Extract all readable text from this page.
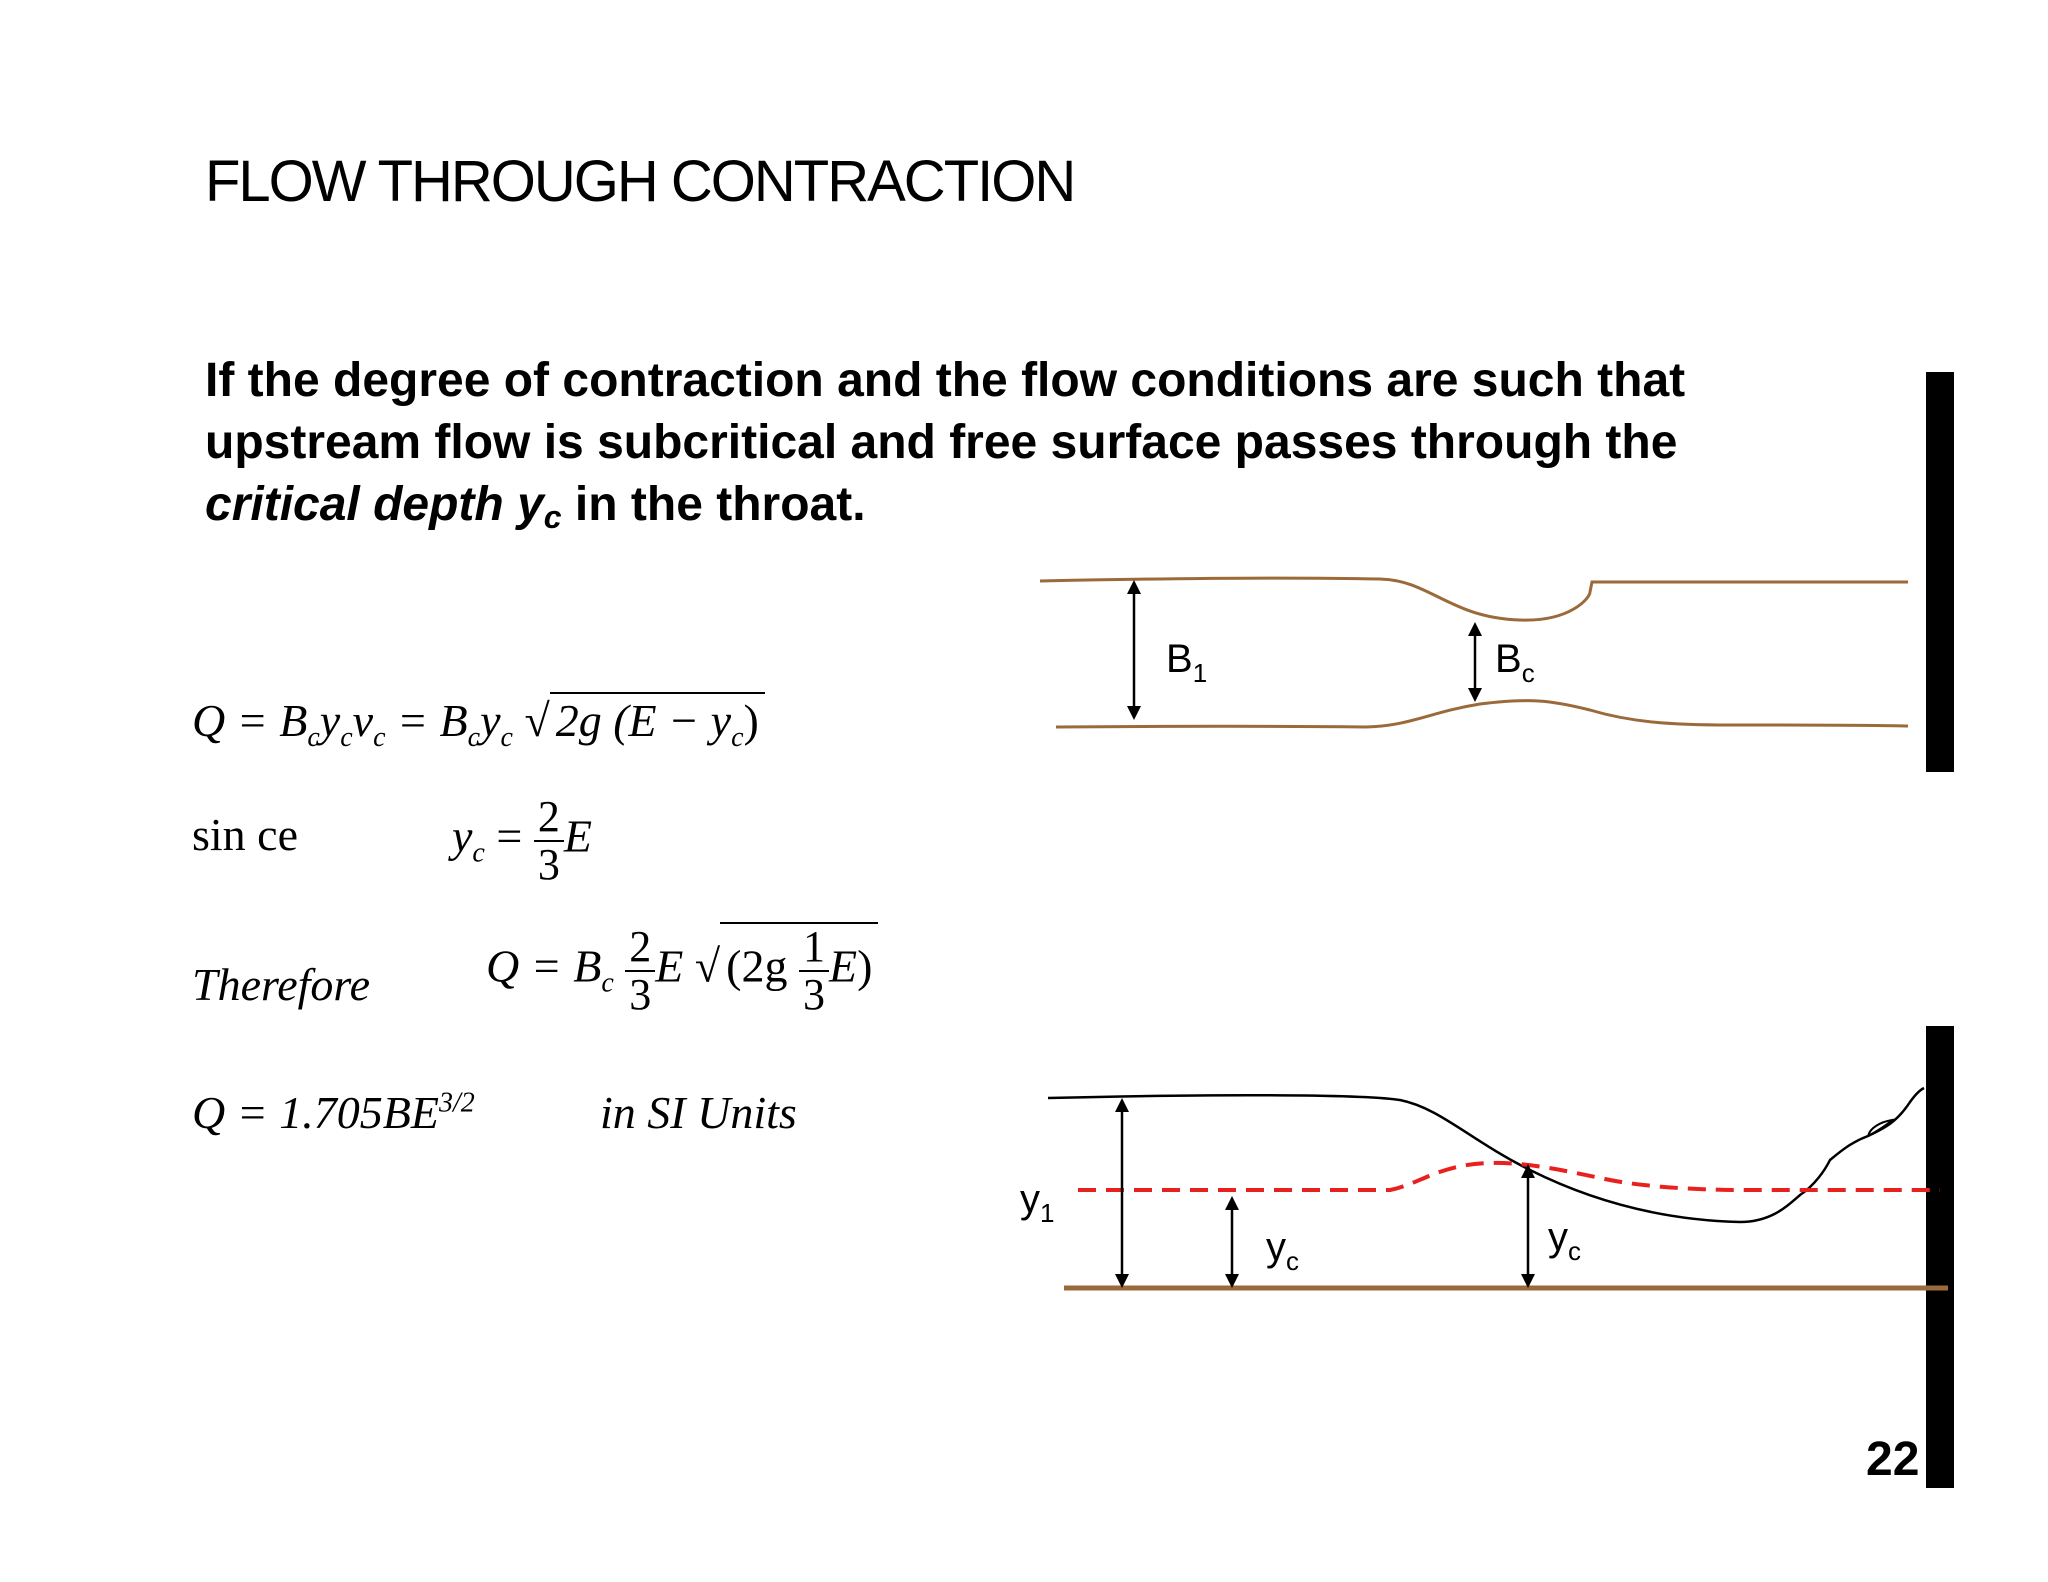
FLOW THROUGH CONTRACTION
If the degree of contraction and the flow conditions are such that upstream flow is subcritical and free surface passes through the critical depth $y_c$ in the throat.
$Q = B_cy_cv_c = B_cy_c$ √ 2g $(E - y_c)$
sin ce	$y_c = \frac{2}{3}$ E
Therefore	$Q = B_c \frac{2}{3}$ E √ $(2g \frac{1}{3} E)$
$Q = 1.705BE^{3/2}$	in SI Units
$B_1$	$B_c$
$y_1$
$y_c$
$y_c$
22
